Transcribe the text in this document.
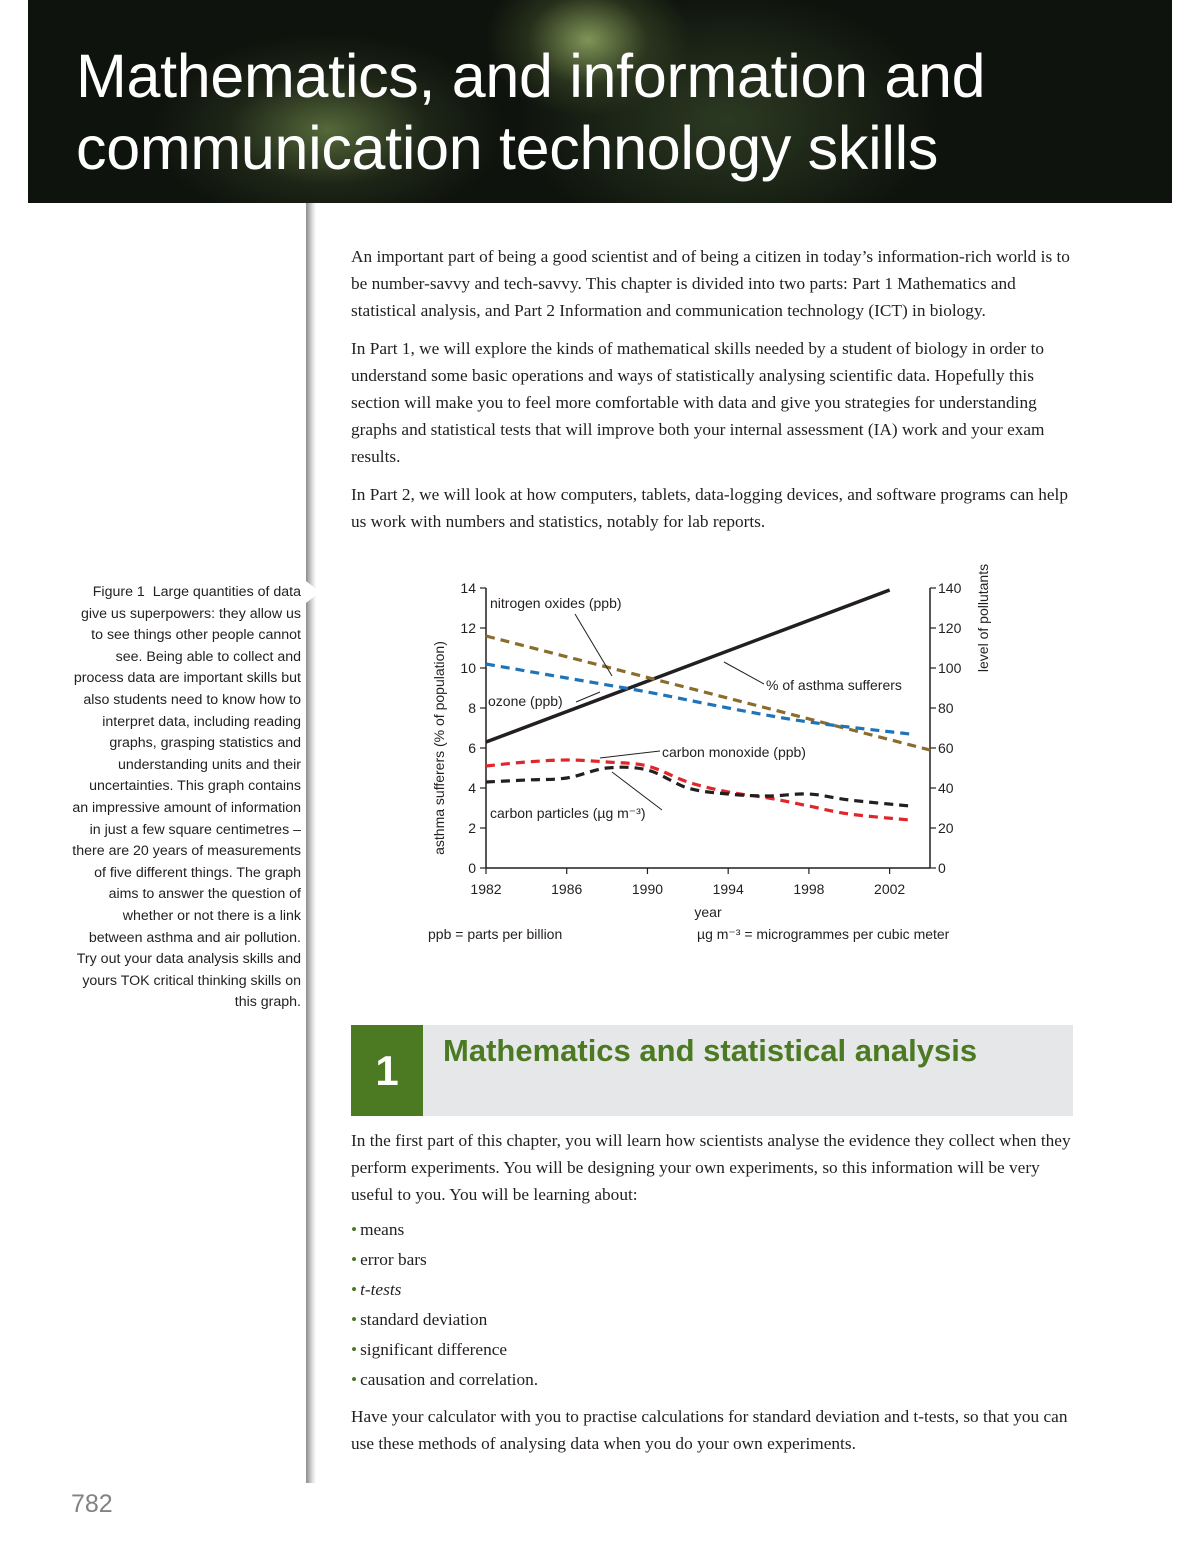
Mathematics, and information and communication technology skills
Figure 1 Large quantities of data give us superpowers: they allow us to see things other people cannot see. Being able to collect and process data are important skills but also students need to know how to interpret data, including reading graphs, grasping statistics and understanding units and their uncertainties. This graph contains an impressive amount of information in just a few square centimetres – there are 20 years of measurements of five different things. The graph aims to answer the question of whether or not there is a link between asthma and air pollution. Try out your data analysis skills and yours TOK critical thinking skills on this graph.

An important part of being a good scientist and of being a citizen in today’s information-rich world is to be number-savvy and tech-savvy. This chapter is divided into two parts: Part 1 Mathematics and statistical analysis, and Part 2 Information and communication technology (ICT) in biology.

In Part 1, we will explore the kinds of mathematical skills needed by a student of biology in order to understand some basic operations and ways of statistically analysing scientific data. Hopefully this section will make you to feel more comfortable with data and give you strategies for understanding graphs and statistical tests that will improve both your internal assessment (IA) work and your exam results.

In Part 2, we will look at how computers, tablets, data-logging devices, and software programs can help us work with numbers and statistics, notably for lab reports.

0
2
4
6
8
10
12
14
0
20
40
60
80
100
120
140
1982	1986	1990	1994	1998	2002
year
asthma sufferers (% of population)
level of pollutants
nitrogen oxides (ppb)
% of asthma sufferers
ozone (ppb)
carbon monoxide (ppb)
carbon particles (µg m⁻³)
ppb = parts per billion	µg m⁻³ = microgrammes per cubic meter
1	Mathematics and statistical analysis

In the first part of this chapter, you will learn how scientists analyse the evidence they collect when they perform experiments. You will be designing your own experiments, so this information will be very useful to you. You will be learning about:

• means
• error bars
• t-tests
• standard deviation
• significant difference
• causation and correlation.

Have your calculator with you to practise calculations for standard deviation and t-tests, so that you can use these methods of analysing data when you do your own experiments.

782
